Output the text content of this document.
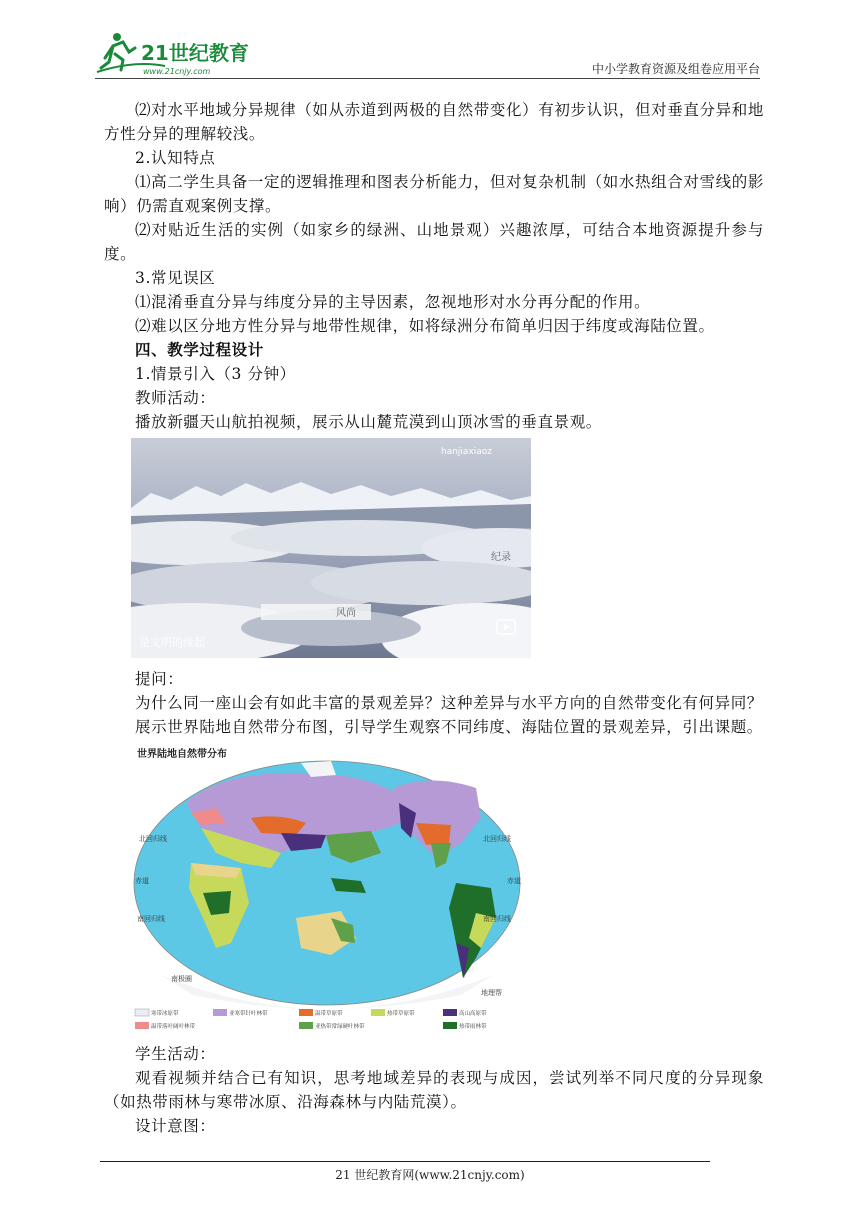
21世纪教育
www.21cnjy.com	中小学教育资源及组卷应用平台

⑵对水平地域分异规律（如从赤道到两极的自然带变化）有初步认识，但对垂直分异和地方性分异的理解较浅。

2.认知特点

⑴高二学生具备一定的逻辑推理和图表分析能力，但对复杂机制（如水热组合对雪线的影响）仍需直观案例支撑。

⑵对贴近生活的实例（如家乡的绿洲、山地景观）兴趣浓厚，可结合本地资源提升参与度。

3.常见误区

⑴混淆垂直分异与纬度分异的主导因素，忽视地形对水分再分配的作用。

⑵难以区分地方性分异与地带性规律，如将绿洲分布简单归因于纬度或海陆位置。

四、教学过程设计

1.情景引入（3 分钟）

教师活动：

播放新疆天山航拍视频，展示从山麓荒漠到山顶冰雪的垂直景观。

hanjiaxiaoz
纪录
风尚
是文明的缘起

提问：

为什么同一座山会有如此丰富的景观差异？这种差异与水平方向的自然带变化有何异同？

展示世界陆地自然带分布图，引导学生观察不同纬度、海陆位置的景观差异，引出课题。

世界陆地自然带分布
北回归线	北回归线
赤道	赤道
南回归线	南回归线
南极圈
地理帮
寒带冰原带	亚寒带针叶林带	温带草原带	热带草原带	高山高原带
温带落叶阔叶林带	亚热带常绿硬叶林带	热带雨林带

学生活动：

观看视频并结合已有知识，思考地域差异的表现与成因，尝试列举不同尺度的分异现象（如热带雨林与寒带冰原、沿海森林与内陆荒漠）。

设计意图：

21 世纪教育网(www.21cnjy.com)
